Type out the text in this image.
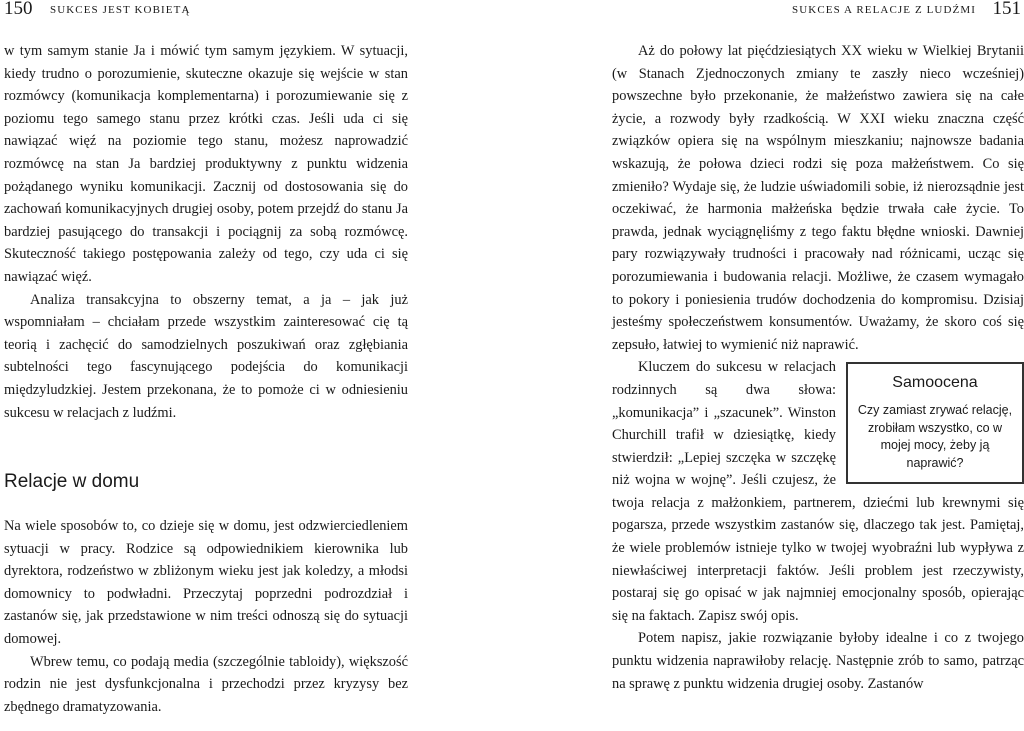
150 SUKCES JEST KOBIETĄ

w tym samym stanie Ja i mówić tym samym językiem. W sytuacji, kiedy trudno o porozumienie, skuteczne okazuje się wejście w stan rozmówcy (komunikacja komplementarna) i porozumiewanie się z poziomu tego samego stanu przez krótki czas. Jeśli uda ci się nawiązać więź na poziomie tego stanu, możesz naprowadzić rozmówcę na stan Ja bardziej produktywny z punktu widzenia pożądanego wyniku komunikacji. Zacznij od dostosowania się do zachowań komunikacyjnych drugiej osoby, potem przejdź do stanu Ja bardziej pasującego do transakcji i pociągnij za sobą rozmówcę. Skuteczność takiego postępowania zależy od tego, czy uda ci się nawiązać więź.

Analiza transakcyjna to obszerny temat, a ja – jak już wspomniałam – chciałam przede wszystkim zainteresować cię tą teorią i zachęcić do samodzielnych poszukiwań oraz zgłębiania subtelności tego fascynującego podejścia do komunikacji międzyludzkiej. Jestem przekonana, że to pomoże ci w odniesieniu sukcesu w relacjach z ludźmi.

Relacje w domu

Na wiele sposobów to, co dzieje się w domu, jest odzwierciedleniem sytuacji w pracy. Rodzice są odpowiednikiem kierownika lub dyrektora, rodzeństwo w zbliżonym wieku jest jak koledzy, a młodsi domownicy to podwładni. Przeczytaj poprzedni podrozdział i zastanów się, jak przedstawione w nim treści odnoszą się do sytuacji domowej.

Wbrew temu, co podają media (szczególnie tabloidy), większość rodzin nie jest dysfunkcjonalna i przechodzi przez kryzysy bez zbędnego dramatyzowania.

SUKCES A RELACJE Z LUDŹMI 151

Aż do połowy lat pięćdziesiątych XX wieku w Wielkiej Brytanii (w Stanach Zjednoczonych zmiany te zaszły nieco wcześniej) powszechne było przekonanie, że małżeństwo zawiera się na całe życie, a rozwody były rzadkością. W XXI wieku znaczna część związków opiera się na wspólnym mieszkaniu; najnowsze badania wskazują, że połowa dzieci rodzi się poza małżeństwem. Co się zmieniło? Wydaje się, że ludzie uświadomili sobie, iż nierozsądnie jest oczekiwać, że harmonia małżeńska będzie trwała całe życie. To prawda, jednak wyciągnęliśmy z tego faktu błędne wnioski. Dawniej pary rozwiązywały trudności i pracowały nad różnicami, ucząc się porozumiewania i budowania relacji. Możliwe, że czasem wymagało to pokory i poniesienia trudów dochodzenia do kompromisu. Dzisiaj jesteśmy społeczeństwem konsumentów. Uważamy, że skoro coś się zepsuło, łatwiej to wymienić niż naprawić.

Samoocena
Czy zamiast zrywać relację, zrobiłam wszystko, co w mojej mocy, żeby ją naprawić?

Kluczem do sukcesu w relacjach rodzinnych są dwa słowa: „komunikacja” i „szacunek”. Winston Churchill trafił w dziesiątkę, kiedy stwierdził: „Lepiej szczęka w szczękę niż wojna w wojnę”. Jeśli czujesz, że twoja relacja z małżonkiem, partnerem, dziećmi lub krewnymi się pogarsza, przede wszystkim zastanów się, dlaczego tak jest. Pamiętaj, że wiele problemów istnieje tylko w twojej wyobraźni lub wypływa z niewłaściwej interpretacji faktów. Jeśli problem jest rzeczywisty, postaraj się go opisać w jak najmniej emocjonalny sposób, opierając się na faktach. Zapisz swój opis.

Potem napisz, jakie rozwiązanie byłoby idealne i co z twojego punktu widzenia naprawiłoby relację. Następnie zrób to samo, patrząc na sprawę z punktu widzenia drugiej osoby. Zastanów
